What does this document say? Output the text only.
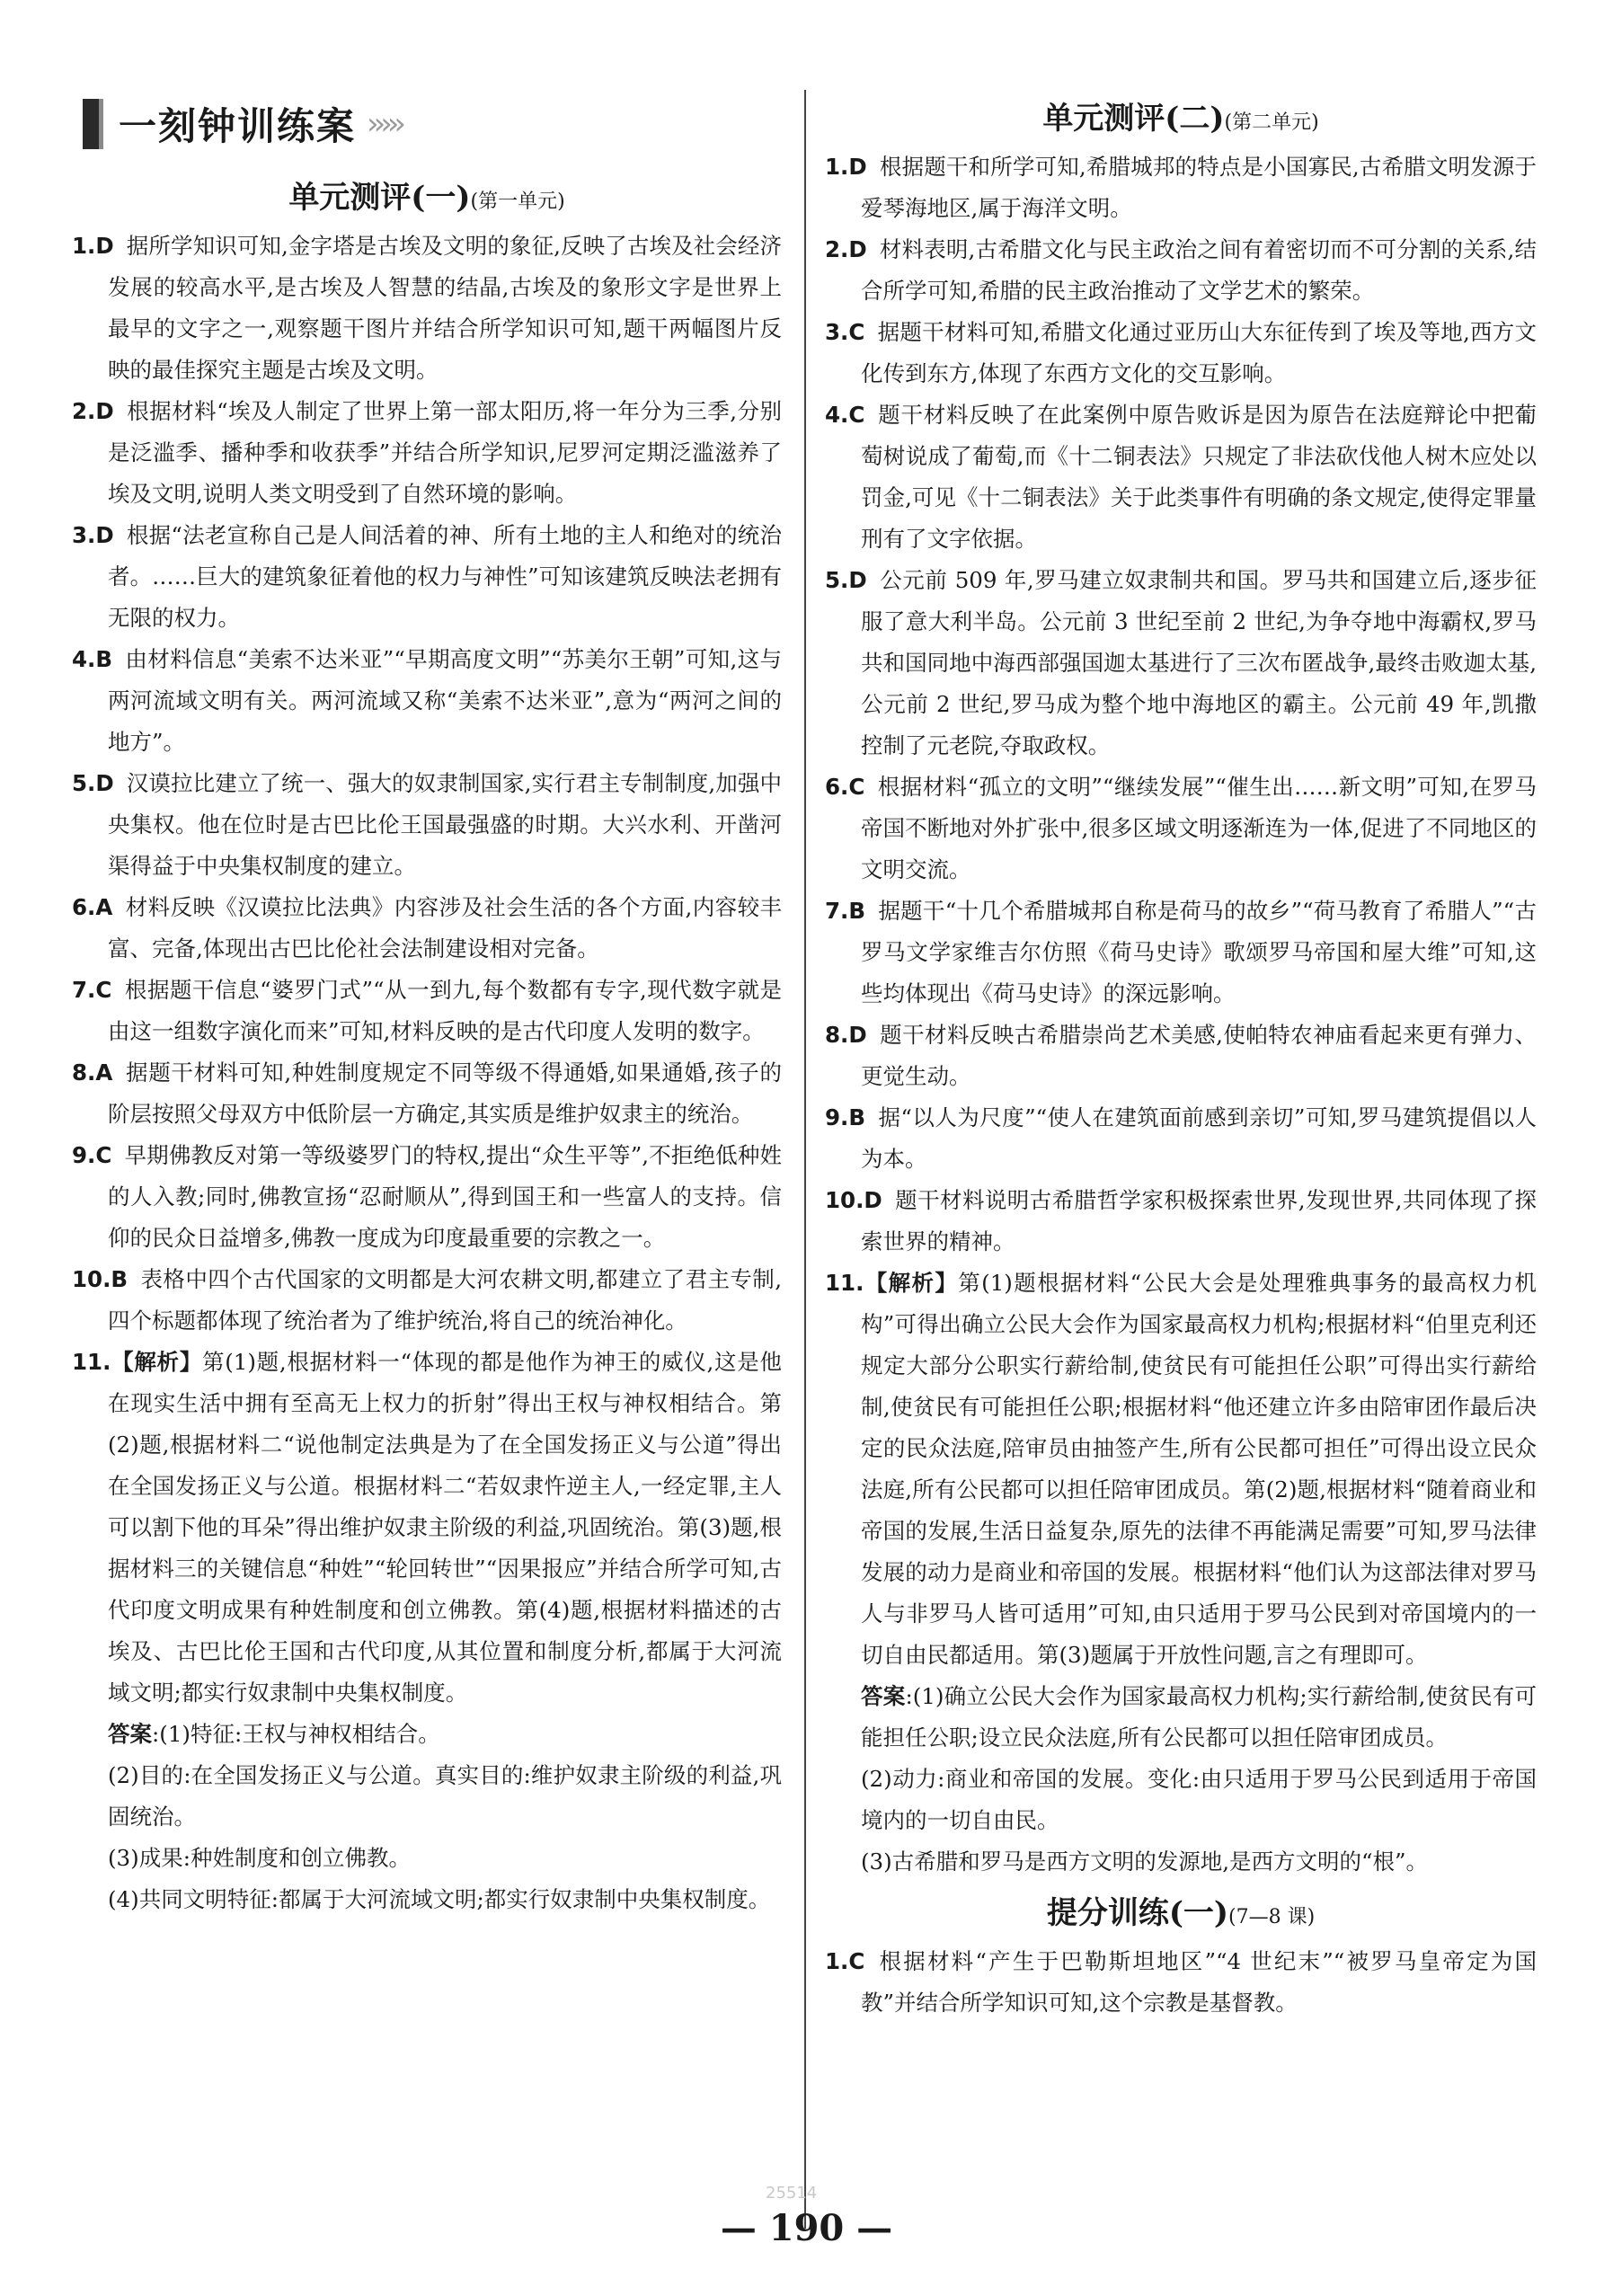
一刻钟训练案 ›››››
单元测评(一)(第一单元)

1.D 据所学知识可知,金字塔是古埃及文明的象征,反映了古埃及社会经济发展的较高水平,是古埃及人智慧的结晶,古埃及的象形文字是世界上最早的文字之一,观察题干图片并结合所学知识可知,题干两幅图片反映的最佳探究主题是古埃及文明。

2.D 根据材料“埃及人制定了世界上第一部太阳历,将一年分为三季,分别是泛滥季、播种季和收获季”并结合所学知识,尼罗河定期泛滥滋养了埃及文明,说明人类文明受到了自然环境的影响。

3.D 根据“法老宣称自己是人间活着的神、所有土地的主人和绝对的统治者。……巨大的建筑象征着他的权力与神性”可知该建筑反映法老拥有无限的权力。

4.B 由材料信息“美索不达米亚”“早期高度文明”“苏美尔王朝”可知,这与两河流域文明有关。两河流域又称“美索不达米亚”,意为“两河之间的地方”。

5.D 汉谟拉比建立了统一、强大的奴隶制国家,实行君主专制制度,加强中央集权。他在位时是古巴比伦王国最强盛的时期。大兴水利、开凿河渠得益于中央集权制度的建立。

6.A 材料反映《汉谟拉比法典》内容涉及社会生活的各个方面,内容较丰富、完备,体现出古巴比伦社会法制建设相对完备。

7.C 根据题干信息“婆罗门式”“从一到九,每个数都有专字,现代数字就是由这一组数字演化而来”可知,材料反映的是古代印度人发明的数字。

8.A 据题干材料可知,种姓制度规定不同等级不得通婚,如果通婚,孩子的阶层按照父母双方中低阶层一方确定,其实质是维护奴隶主的统治。

9.C 早期佛教反对第一等级婆罗门的特权,提出“众生平等”,不拒绝低种姓的人入教;同时,佛教宣扬“忍耐顺从”,得到国王和一些富人的支持。信仰的民众日益增多,佛教一度成为印度最重要的宗教之一。

10.B 表格中四个古代国家的文明都是大河农耕文明,都建立了君主专制,四个标题都体现了统治者为了维护统治,将自己的统治神化。

11.【解析】第(1)题,根据材料一“体现的都是他作为神王的威仪,这是他在现实生活中拥有至高无上权力的折射”得出王权与神权相结合。第(2)题,根据材料二“说他制定法典是为了在全国发扬正义与公道”得出在全国发扬正义与公道。根据材料二“若奴隶忤逆主人,一经定罪,主人可以割下他的耳朵”得出维护奴隶主阶级的利益,巩固统治。第(3)题,根据材料三的关键信息“种姓”“轮回转世”“因果报应”并结合所学可知,古代印度文明成果有种姓制度和创立佛教。第(4)题,根据材料描述的古埃及、古巴比伦王国和古代印度,从其位置和制度分析,都属于大河流域文明;都实行奴隶制中央集权制度。

答案:(1)特征:王权与神权相结合。

(2)目的:在全国发扬正义与公道。真实目的:维护奴隶主阶级的利益,巩固统治。

(3)成果:种姓制度和创立佛教。

(4)共同文明特征:都属于大河流域文明;都实行奴隶制中央集权制度。

单元测评(二)(第二单元)

1.D 根据题干和所学可知,希腊城邦的特点是小国寡民,古希腊文明发源于爱琴海地区,属于海洋文明。

2.D 材料表明,古希腊文化与民主政治之间有着密切而不可分割的关系,结合所学可知,希腊的民主政治推动了文学艺术的繁荣。

3.C 据题干材料可知,希腊文化通过亚历山大东征传到了埃及等地,西方文化传到东方,体现了东西方文化的交互影响。

4.C 题干材料反映了在此案例中原告败诉是因为原告在法庭辩论中把葡萄树说成了葡萄,而《十二铜表法》只规定了非法砍伐他人树木应处以罚金,可见《十二铜表法》关于此类事件有明确的条文规定,使得定罪量刑有了文字依据。

5.D 公元前 509 年,罗马建立奴隶制共和国。罗马共和国建立后,逐步征服了意大利半岛。公元前 3 世纪至前 2 世纪,为争夺地中海霸权,罗马共和国同地中海西部强国迦太基进行了三次布匿战争,最终击败迦太基,公元前 2 世纪,罗马成为整个地中海地区的霸主。公元前 49 年,凯撒控制了元老院,夺取政权。

6.C 根据材料“孤立的文明”“继续发展”“催生出……新文明”可知,在罗马帝国不断地对外扩张中,很多区域文明逐渐连为一体,促进了不同地区的文明交流。

7.B 据题干“十几个希腊城邦自称是荷马的故乡”“荷马教育了希腊人”“古罗马文学家维吉尔仿照《荷马史诗》歌颂罗马帝国和屋大维”可知,这些均体现出《荷马史诗》的深远影响。

8.D 题干材料反映古希腊崇尚艺术美感,使帕特农神庙看起来更有弹力、更觉生动。

9.B 据“以人为尺度”“使人在建筑面前感到亲切”可知,罗马建筑提倡以人为本。

10.D 题干材料说明古希腊哲学家积极探索世界,发现世界,共同体现了探索世界的精神。

11.【解析】第(1)题根据材料“公民大会是处理雅典事务的最高权力机构”可得出确立公民大会作为国家最高权力机构;根据材料“伯里克利还规定大部分公职实行薪给制,使贫民有可能担任公职”可得出实行薪给制,使贫民有可能担任公职;根据材料“他还建立许多由陪审团作最后决定的民众法庭,陪审员由抽签产生,所有公民都可担任”可得出设立民众法庭,所有公民都可以担任陪审团成员。第(2)题,根据材料“随着商业和帝国的发展,生活日益复杂,原先的法律不再能满足需要”可知,罗马法律发展的动力是商业和帝国的发展。根据材料“他们认为这部法律对罗马人与非罗马人皆可适用”可知,由只适用于罗马公民到对帝国境内的一切自由民都适用。第(3)题属于开放性问题,言之有理即可。

答案:(1)确立公民大会作为国家最高权力机构;实行薪给制,使贫民有可能担任公职;设立民众法庭,所有公民都可以担任陪审团成员。

(2)动力:商业和帝国的发展。变化:由只适用于罗马公民到适用于帝国境内的一切自由民。

(3)古希腊和罗马是西方文明的发源地,是西方文明的“根”。

提分训练(一)(7—8 课)

1.C 根据材料“产生于巴勒斯坦地区”“4 世纪末”“被罗马皇帝定为国教”并结合所学知识可知,这个宗教是基督教。

25514
— 190 —
